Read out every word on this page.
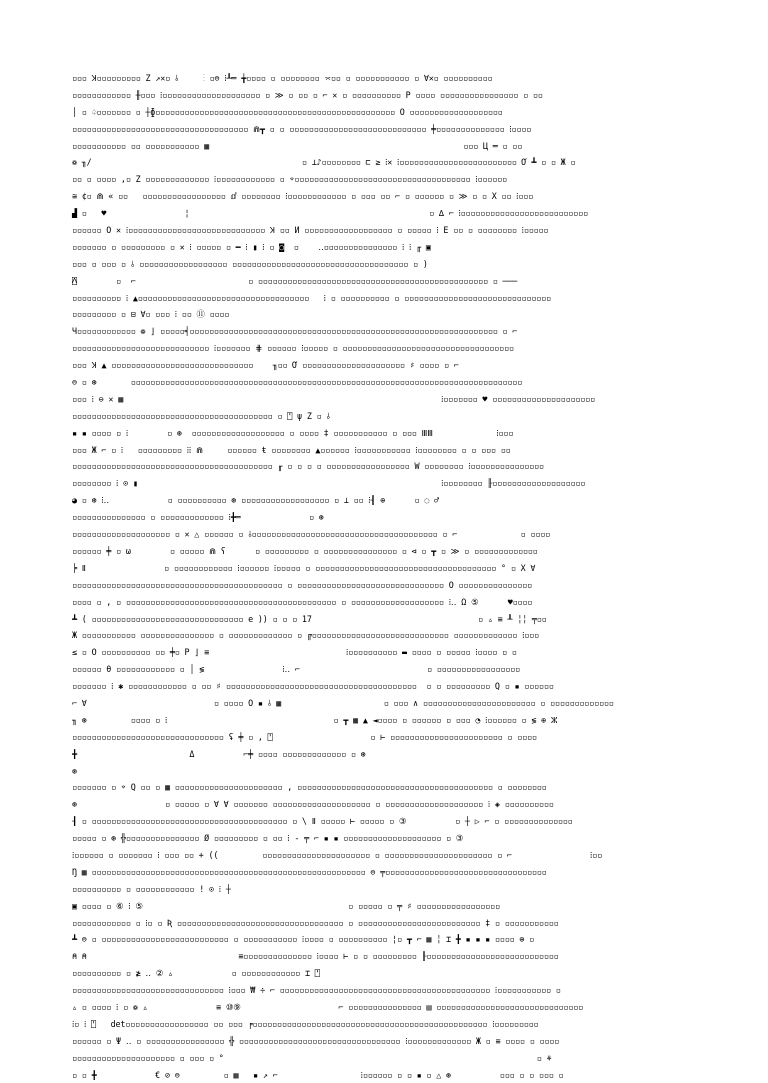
▫▫▫ Ʞ▫▫▫▫▫▫▫▫▫ Z ↗✕▫ ⫰     ⋮ ▫⊜ ⁞┸═ ╈▫▫▫▫ ▫ ▫▫▫▫▫▫▫▫ ⌤▫▫ ▫ ▫▫▫▫▫▫▫▫▫▫▫ ▫ ∀✕▫ ▫▫▫▫▫▫▫▫▫▫
▫▫▫▫▫▫▫▫▫▫▫▫ ╫▫▫▫ ⁞▫▫▫▫▫▫▫▫▫▫▫▫▫▫▫▫▫▫▫▫ ▫ ≫ ▫ ▫▫ ▫ ⌐ ✕ ▫ ▫▫▫▫▫▫▫▫▫▫ P ▫▫▫▫ ▫▫▫▫▫▫▫▫▫▫▫▫▫▫▫▫ ▫ ▫▫
│ ▫ ♤▫▫▫▫▫▫▫ ▫ ┼ɸ▫▫▫▫▫▫▫▫▫▫▫▫▫▫▫▫▫▫▫▫▫▫▫▫▫▫▫▫▫▫▫▫▫▫▫▫▫▫▫▫▫▫▫▫▫▫▫▫▫ O ▫▫▫▫▫▫▫▫▫▫▫▫▫▫▫▫▫▫▫
▫▫▫▫▫▫▫▫▫▫▫▫▫▫▫▫▫▫▫▫▫▫▫▫▫▫▫▫▫▫▫▫▫▫▫▫ ⋒┳ ▫ ▫ ▫▫▫▫▫▫▫▫▫▫▫▫▫▫▫▫▫▫▫▫▫▫▫▫▫▫▫▫ ╪▫▫▫▫▫▫▫▫▫▫▫▫▫▫ ⁞▫▫▫▫
▫▫▫▫▫▫▫▫▫▫▫ ▫▫ ▫▫▫▫▫▫▫▫▫▫▫ ▦                                                    ▫▫▫ Ц ═ ▫ ▫▫
❁ ╖/                                           ▫ ⊥♪▫▫▫▫▫▫▫▫ ⊏ ≥ ⁞✕ ⁞▫▫▫▫▫▫▫▫▫▫▫▫▫▫▫▫▫▫▫▫▫▫▫▫ Ơ ┻ ▫ ▫ Ж ▫
▫▫ ▫ ▫▫▫▫ ,▫ Z ▫▫▫▫▫▫▫▫▫▫▫▫▫ ⁞▫▫▫▫▫▫▫▫▫▫▫▫ ▫ ⌔▫▫▫▫▫▫▫▫▫▫▫▫▫▫▫▫▫▫▫▫▫▫▫▫▫▫▫▫▫▫▫▫▫▫▫▫ ⁞▫▫▫▫▫▫
≅ ¢▫ ⋒ « ▫▫   ▫▫▫▫▫▫▫▫▫▫▫▫▫▫▫▫▫ ⅆ ▫▫▫▫▫▫▫▫ ⁞▫▫▫▫▫▫▫▫▫▫▫▫ ▫ ▫▫▫ ▫▫ ⌐ ▫ ▫▫▫▫▫▫ ▫ ≫ ▫ ▫ X ▫▫ ⁞▫▫▫
▟ ▫   ♥                ¦                                                 ▫ ∆ ⌐ ⁞▫▫▫▫▫▫▫▫▫▫▫▫▫▫▫▫▫▫▫▫▫▫▫▫▫▫
▫▫▫▫▫▫ O ✕ ⁞▫▫▫▫▫▫▫▫▫▫▫▫▫▫▫▫▫▫▫▫▫▫▫▫▫▫▫▫ Ʞ ▫▫ И ▫▫▫▫▫▫▫▫▫▫▫▫▫▫▫▫▫▫ ▫ ▫▫▫▫▫ ⁞ E ▫▫ ▫ ▫▫▫▫▫▫▫▫ ⁞▫▫▫▫▫
▫▫▫▫▫▫▫ ▫ ▫▫▫▫▫▫▫▫▫ ▫ ✕ ⁞ ▫▫▫▫▫ ▫ ━ ⁞ ▮ ⁞ ▫ ◙  ▫    ‥▫▫▫▫▫▫▫▫▫▫▫▫▫▫▫ ⁞ ⁞ ╓ ▣
▫▫▫ ▫ ▫▫▫ ▫ ⫰ ▫▫▫▫▫▫▫▫▫▫▫▫▫▫▫▫▫▫ ▫▫▫▫▫▫▫▫▫▫▫▫▫▫▫▫▫▫▫▫▫▫▫▫▫▫▫▫▫▫▫▫▫▫▫▫ ▫ )
⍓        ▫  ⌐                       ▫ ▫▫▫▫▫▫▫▫▫▫▫▫▫▫▫▫▫▫▫▫▫▫▫▫▫▫▫▫▫▫▫▫▫▫▫▫▫▫▫▫▫▫▫▫▫▫▫ ▫ ───
▫▫▫▫▫▫▫▫▫▫ ⁞ ▲▫▫▫▫▫▫▫▫▫▫▫▫▫▫▫▫▫▫▫▫▫▫▫▫▫▫▫▫▫▫▫▫▫▫▫   ⁞ ▫ ▫▫▫▫▫▫▫▫▫▫ ▫ ▫▫▫▫▫▫▫▫▫▫▫▫▫▫▫▫▫▫▫▫▫▫▫▫▫▫▫▫▫▫
▫▫▫▫▫▫▫▫▫ ▫ ⊟ ∀▫ ▫▫▫ ⁞ ▫▫ ⑪ ▫▫▫▫
Ч▫▫▫▫▫▫▫▫▫▫▫▫ ❁ ⌋ ▫▫▫▫▫╡▫▫▫▫▫▫▫▫▫▫▫▫▫▫▫▫▫▫▫▫▫▫▫▫▫▫▫▫▫▫▫▫▫▫▫▫▫▫▫▫▫▫▫▫▫▫▫▫▫▫▫▫▫▫▫▫▫▫▫▫▫▫▫ ▫ ⌐
▫▫▫▫▫▫▫▫▫▫▫▫▫▫▫▫▫▫▫▫▫▫▫▫▫▫▫▫ ⁞▫▫▫▫▫▫▫ ⋕ ▫▫▫▫▫▫ ⁞▫▫▫▫▫ ▫ ▫▫▫▫▫▫▫▫▫▫▫▫▫▫▫▫▫▫▫▫▫▫▫▫▫▫▫▫▫▫▫▫▫▫▫
▫▫▫ Ʞ ▲ ▫▫▫▫▫▫▫▫▫▫▫▫▫▫▫▫▫▫▫▫▫▫▫▫▫▫▫▫▫    ╖▫▫ Ơ ▫▫▫▫▫▫▫▫▫▫▫▫▫▫▫▫▫▫▫▫▫ ♯ ▫▫▫▫ ▫ ⌐
⊜ ▫ ⊛       ▫▫▫▫▫▫▫▫▫▫▫▫▫▫▫▫▫▫▫▫▫▫▫▫▫▫▫▫▫▫▫▫▫▫▫▫▫▫▫▫▫▫▫▫▫▫▫▫▫▫▫▫▫▫▫▫▫▫▫▫▫▫▫▫▫▫▫▫▫▫▫▫▫▫▫▫▫▫▫▫
▫▫▫ ⁞ ⊖ ✕ ▦                                                                 ⁞▫▫▫▫▫▫▫ ♥ ▫▫▫▫▫▫▫▫▫▫▫▫▫▫▫▫▫▫▫▫▫
▫▫▫▫▫▫▫▫▫▫▫▫▫▫▫▫▫▫▫▫▫▫▫▫▫▫▫▫▫▫▫▫▫▫▫▫▫▫▫▫▫ ▫ ⍞ ψ Z ▫ ⫰
▪ ▪ ▫▫▫▫ ▫ ⁞        ▫ ⊛  ▫▫▫▫▫▫▫▫▫▫▫▫▫▫▫▫▫▫▫ ▫ ▫▫▫▫ ‡ ▫▫▫▫▫▫▫▫▫▫▫ ▫ ▫▫▫ ⅢⅢ             ⁞▫▫▫
▫▫▫ Ж ⌐ ▫ ⁞   ▫▫▫▫▫▫▫▫▫ ⁞⁞ ⋒     ▫▫▫▫▫▫ ŧ ▫▫▫▫▫▫▫▫ ▲▫▫▫▫▫▫ ⁞▫▫▫▫▫▫▫▫▫▫▫ ⁞▫▫▫▫▫▫▫▫ ▫ ▫ ▫▫▫ ▫▫
▫▫▫▫▫▫▫▫▫▫▫▫▫▫▫▫▫▫▫▫▫▫▫▫▫▫▫▫▫▫▫▫▫▫▫▫▫▫▫▫▫ ╓ ▫ ▫ ▫ ▫ ▫▫▫▫▫▫▫▫▫▫▫▫▫▫▫▫▫ W ▫▫▫▫▫▫▫▫ ⁞▫▫▫▫▫▫▫▫▫▫▫▫▫▫▫
▫▫▫▫▫▫▫▫ ⁞ ⊙ ▮                                                              ⁞▫▫▫▫▫▫▫▫ ╟▫▫▫▫▫▫▫▫▫▫▫▫▫▫▫▫▫▫▫
◕ ▫ ⊛ ⁞‥            ▫ ▫▫▫▫▫▫▫▫▫▫ ⊛ ▫▫▫▫▫▫▫▫▫▫▫▫▫▫▫▫▫▫ ▫ ⊥ ▫▫ ⁞┨ ⊕      ▫ ◌ ♂
▫▫▫▫▫▫▫▫▫▫▫▫▫▫▫ ▫ ▫▫▫▫▫▫▫▫▫▫▫▫▫ ⁞╋═              ▫ ⊛
▫▫▫▫▫▫▫▫▫▫▫▫▫▫▫▫▫▫▫▫ ▫ ✕ △ ▫▫▫▫▫▫ ▫ ⫰▫▫▫▫▫▫▫▫▫▫▫▫▫▫▫▫▫▫▫▫▫▫▫▫▫▫▫▫▫▫▫▫▫▫▫▫▫▫ ▫ ⌐             ▫ ▫▫▫▫
▫▫▫▫▫▫ ╪ ▫ ω        ▫ ▫▫▫▫▫ ⋒ ʕ      ▫ ▫▫▫▫▫▫▫▫▫ ▫ ▫▫▫▫▫▫▫▫▫▫▫▫▫▫▫ ▫ ⊲ ▫ ┳ ▫ ≫ ▫ ▫▫▫▫▫▫▫▫▫▫▫▫▫
╞ Ⅱ                ▫ ▫▫▫▫▫▫▫▫▫▫▫▫ ⁞▫▫▫▫▫▫ ⁞▫▫▫▫▫ ▫ ▫▫▫▫▫▫▫▫▫▫▫▫▫▫▫▫▫▫▫▫▫▫▫▫▫▫▫▫▫▫▫▫▫▫▫▫▫ ° ▫ X ∀
▫▫▫▫▫▫▫▫▫▫▫▫▫▫▫▫▫▫▫▫▫▫▫▫▫▫▫▫▫▫▫▫▫▫▫▫▫▫▫▫▫▫▫ ▫ ▫▫▫▫▫▫▫▫▫▫▫▫▫▫▫▫▫▫▫▫▫▫▫▫▫▫▫▫▫▫ O ▫▫▫▫▫▫▫▫▫▫▫▫▫▫▫
▫▫▫▫ ▫ , ▫ ▫▫▫▫▫▫▫▫▫▫▫▫▫▫▫▫▫▫▫▫▫▫▫▫▫▫▫▫▫▫▫▫▫▫▫▫▫▫▫▫▫▫▫ ▫ ▫▫▫▫▫▫▫▫▫▫▫▫▫▫▫▫▫▫▫ ⁞‥ Ω ⑤      ♥▫▫▫▫
┻ ( ▫▫▫▫▫▫▫▫▫▫▫▫▫▫▫▫▫▫▫▫▫▫▫▫▫▫▫▫▫▫▫ e )) ▫ ▫ ▫ 17                                  ▫ ▵ ≡ ┸ ╎╎ ╤▫▫
Ж ▫▫▫▫▫▫▫▫▫▫▫ ▫▫▫▫▫▫▫▫▫▫▫▫▫▫▫ ▫ ▫▫▫▫▫▫▫▫▫▫▫▫▫ ▫ ╔▫▫▫▫▫▫▫▫▫▫▫▫▫▫▫▫▫▫▫▫▫▫▫▫▫▫▫▫ ▫▫▫▫▫▫▫▫▫▫▫▫▫ ⁞▫▫▫
≤ ▫ O ▫▫▫▫▫▫▫▫▫▫ ▫▫ ╪▫ P ⌋ ≡                            ⁞▫▫▫▫▫▫▫▫▫▫ ▬ ▫▫▫▫ ▫ ▫▫▫▫▫ ⁞▫▫▫▫ ▫ ▫
▫▫▫▫▫▫ θ ▫▫▫▫▫▫▫▫▫▫▫▫ ▫ │ ≶                ⁞‥ ⌐                          ▫ ▫▫▫▫▫▫▫▫▫▫▫▫▫▫▫▫▫
▫▫▫▫▫▫▫ ⁞ ✱ ▫▫▫▫▫▫▫▫▫▫▫▫ ▫ ▫▫ ♯ ▫▫▫▫▫▫▫▫▫▫▫▫▫▫▫▫▫▫▫▫▫▫▫▫▫▫▫▫▫▫▫▫▫▫▫▫▫▫▫  ▫ ▫ ▫▫▫▫▫▫▫▫▫ Q ▫ ▪ ▫▫▫▫▫▫
⌐ ∀                          ▫ ▫▫▫▫ O ▪ ⫰ ▦                     ▫ ▫▫▫ ∧ ▫▫▫▫▫▫▫▫▫▫▫▫▫▫▫▫▫▫▫▫▫▫▫ ▫ ▫▫▫▫▫▫▫▫▫▫▫▫▫
╖ ⊛         ▫▫▫▫ ▫ ⁞                                  ▫ ┳ ▦ ▲ ◄▫▫▫▫ ▫ ▫▫▫▫▫▫ ▫ ▫▫▫ ◔ ⁞▫▫▫▫▫▫ ▫ ≶ ⊕ ⵣ
▫▫▫▫▫▫▫▫▫▫▫▫▫▫▫▫▫▫▫▫▫▫▫▫▫▫▫▫▫▫▫ ʢ ╪ ▫ , ⍞                    ▫ ⊢ ▫▫▫▫▫▫▫▫▫▫▫▫▫▫▫▫▫▫▫▫▫▫▫ ▫ ▫▫▫▫
╋                       Δ          ⌐╪ ▫▫▫▫ ▫▫▫▫▫▫▫▫▫▫▫▫▫ ▫ ⊛
⊛
▫▫▫▫▫▫▫ ▫ ⌔ Q ▫▫ ▫ ▦ ▫▫▫▫▫▫▫▫▫▫▫▫▫▫▫▫▫▫▫▫▫▫ , ▫▫▫▫▫▫▫▫▫▫▫▫▫▫▫▫▫▫▫▫▫▫▫▫▫▫▫▫▫▫▫▫▫▫▫▫▫▫▫▫ ▫ ▫▫▫▫▫▫▫▫
⊛                  ▫ ▫▫▫▫▫ ▫ ∀ ∀ ▫▫▫▫▫▫▫ ▫▫▫▫▫▫▫▫▫▫▫▫▫▫▫▫▫▫▫▫ ▫ ▫▫▫▫▫▫▫▫▫▫▫▫▫▫▫▫▫▫▫▫ ⁞ ◈ ▫▫▫▫▫▫▫▫▫▫
┨ ▫ ▫▫▫▫▫▫▫▫▫▫▫▫▫▫▫▫▫▫▫▫▫▫▫▫▫▫▫▫▫▫▫▫▫▫▫▫▫▫▫▫ ▫ \ Ⅱ ▫▫▫▫▫ ⊢ ▫▫▫▫▫ ▫ ③          ▫ ┼ ▷ ⌐ ▫ ▫▫▫▫▫▫▫▫▫▫▫▫▫▫
▫▫▫▫▫ ▫ ⊛ ╬▫▫▫▫▫▫▫▫▫▫▫▫▫▫▫ Ø ▫▫▫▫▫▫▫▫▫ ▫ ▫▫ ⁞ ‐ ╤ ⌐ ▪ ▪ ▫▫▫▫▫▫▫▫▫▫▫▫▫▫▫▫▫▫▫▫ ▫ ③
⁞▫▫▫▫▫▫ ▫ ▫▫▫▫▫▫▫ ⁞ ▫▫▫ ▫▫ + ((         ▫▫▫▫▫▫▫▫▫▫▫▫▫▫▫▫▫▫▫▫▫▫ ▫ ▫▫▫▫▫▫▫▫▫▫▫▫▫▫▫▫▫▫▫▫▫▫ ▫ ⌐                ⁞▫▫
Ŋ ▦ ▫▫▫▫▫▫▫▫▫▫▫▫▫▫▫▫▫▫▫▫▫▫▫▫▫▫▫▫▫▫▫▫▫▫▫▫▫▫▫▫▫▫▫▫▫▫▫▫▫▫▫▫▫▫▫▫ ⊜ ╤▫▫▫▫▫▫▫▫▫▫▫▫▫▫▫▫▫▫▫▫▫▫▫▫▫▫▫▫▫▫▫▫▫
▫▫▫▫▫▫▫▫▫▫ ▫ ▫▫▫▫▫▫▫▫▫▫▫▫ ! ⊙ ⁞ ┼
▣ ▫▫▫▫ ▫ ⑥ ⁞ ⑤                                          ▫ ▫▫▫▫▫ ▫ ╤ ♯ ▫▫▫▫▫▫▫▫▫▫▫▫▫▫▫▫▫
▫▫▫▫▫▫▫▫▫▫▫▫ ▫ ⁞▫ ▫ Ʀ ▫▫▫▫▫▫▫▫▫▫▫▫▫▫▫▫▫▫▫▫▫▫▫▫▫▫▫▫▫▫▫▫▫▫ ▫ ▫▫▫▫▫▫▫▫▫▫▫▫▫▫▫▫▫▫▫▫▫▫▫▫▫ ‡ ▫ ▫▫▫▫▫▫▫▫▫▫▫
┻ ⊜ ▫ ▫▫▫▫▫▫▫▫▫▫▫▫▫▫▫▫▫▫▫▫▫▫▫▫▫▫ ▫ ▫▫▫▫▫▫▫▫▫▫▫ ⁞▫▫▫▫ ▫ ▫▫▫▫▫▫▫▫▫▫ ¦▫ ┳ ⌐ ▦ ╎ ⌶ ╋ ▪ ▪ ▪ ▫▫▫▫ ⊕ ▫
⍝ ⍝                               ≡▫▫▫▫▫▫▫▫▫▫▫▫▫▫ ⁞▫▫▫▫ ⊢ ▫ ▫ ▫▫▫▫▫▫▫▫▫ ╟▫▫▫▫▫▫▫▫▫▫▫▫▫▫▫▫▫▫▫▫▫▫▫▫▫▫▫
▫▫▫▫▫▫▫▫▫▫ ▫ ≱ ‥ ② ▵            ▫ ▫▫▫▫▫▫▫▫▫▫▫▫ ⌶ ⍞
▫▫▫▫▫▫▫▫▫▫▫▫▫▫▫▫▫▫▫▫▫▫▫▫▫▫▫▫▫▫▫ ⁞▫▫▫ ₩ ÷ ⌐ ▫▫▫▫▫▫▫▫▫▫▫▫▫▫▫▫▫▫▫▫▫▫▫▫▫▫▫▫▫▫▫▫▫▫▫▫▫▫▫▫▫▫▫ ⁞▫▫▫▫▫▫▫▫▫▫▫ ▫
▵ ▫ ▫▫▫▫ ⁞ ▫ ❁ ▵              ≡ ⑩⑨                    ⌐ ▫▫▫▫▫▫▫▫▫▫▫▫▫▫▫ ▤ ▫▫▫▫▫▫▫▫▫▫▫▫▫▫▫▫▫▫▫▫▫▫▫▫▫▫▫▫▫▫
⁞▫ ⁞ ⍞   det▫▫▫▫▫▫▫▫▫▫▫▫▫▫▫▫▫ ▫▫ ▫▫▫ ╒▫▫▫▫▫▫▫▫▫▫▫▫▫▫▫▫▫▫▫▫▫▫▫▫▫▫▫▫▫▫▫▫▫▫▫▫▫▫▫▫▫▫▫▫▫▫▫▫ ⁞▫▫▫▫▫▫▫▫▫
▫▫▫▫▫▫ ▫ Ψ ‥ ▫ ▫▫▫▫▫▫▫▫▫▫▫▫▫▫▫▫ ╬ ▫▫▫▫▫▫▫▫▫▫▫▫▫▫▫▫▫▫▫▫▫▫▫▫▫▫▫▫▫▫▫▫▫ ⁞▫▫▫▫▫▫▫▫▫▫▫▫▫ Ж ▫ ≡ ▫▫▫▫ ▫ ▫▫▫▫
▫▫▫▫▫▫▫▫▫▫▫▫▫▫▫▫▫▫▫▫▫ ▫ ▫▫▫ ▫ °                                                                ▫ ⚘
▫ ▫ ╋            € ⊘ ⊜         ▫ ▦   ▪ ↗ ⌐                 ⁞▫▫▫▫▫▫ ▫ ▫ ▪ ▫ △ ⊛          ▫▫▫ ▫ ▫ ▫▫▫ ▫
